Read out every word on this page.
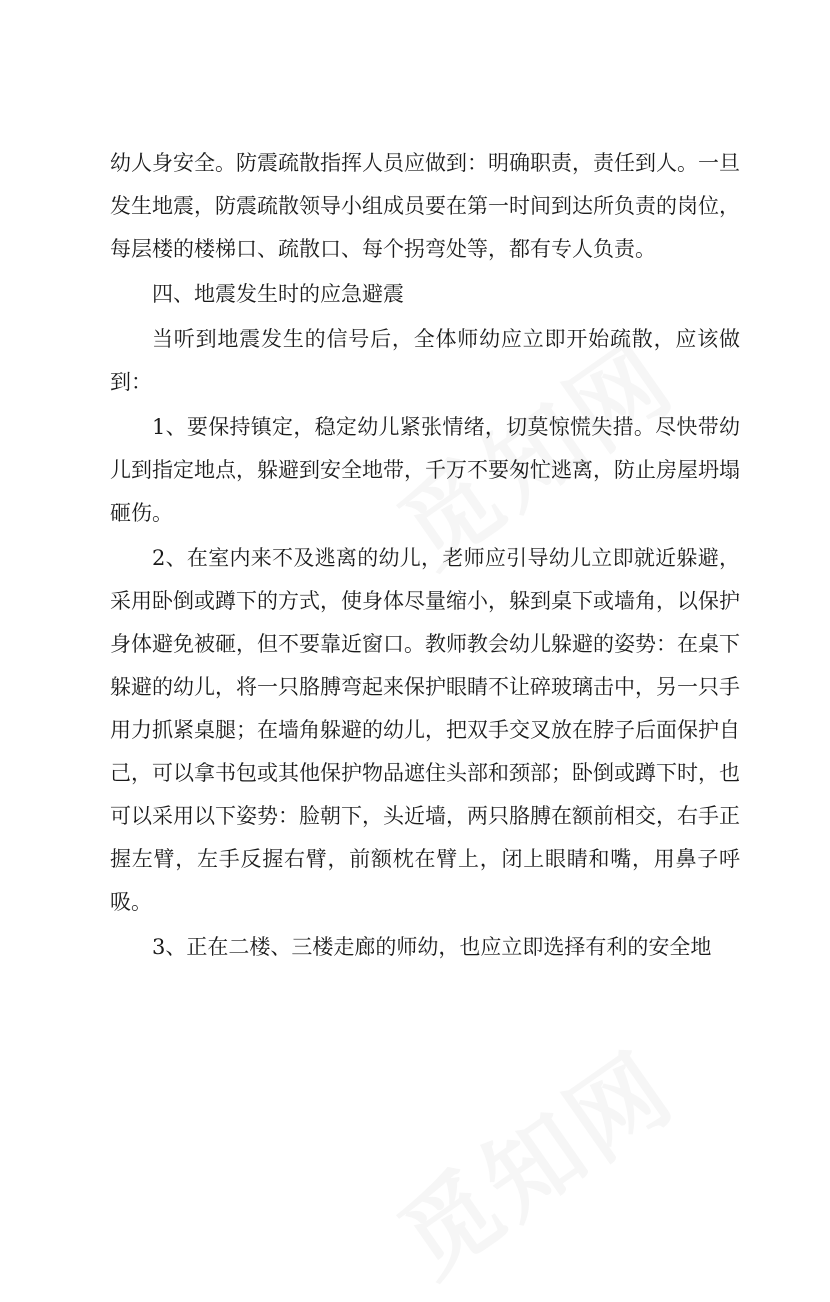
幼人身安全。防震疏散指挥人员应做到：明确职责，责任到人。一旦发生地震，防震疏散领导小组成员要在第一时间到达所负责的岗位，每层楼的楼梯口、疏散口、每个拐弯处等，都有专人负责。

四、地震发生时的应急避震

当听到地震发生的信号后，全体师幼应立即开始疏散，应该做到：

1、要保持镇定，稳定幼儿紧张情绪，切莫惊慌失措。尽快带幼儿到指定地点，躲避到安全地带，千万不要匆忙逃离，防止房屋坍塌砸伤。

2、在室内来不及逃离的幼儿，老师应引导幼儿立即就近躲避，采用卧倒或蹲下的方式，使身体尽量缩小，躲到桌下或墙角，以保护身体避免被砸，但不要靠近窗口。教师教会幼儿躲避的姿势：在桌下躲避的幼儿，将一只胳膊弯起来保护眼睛不让碎玻璃击中，另一只手用力抓紧桌腿；在墙角躲避的幼儿，把双手交叉放在脖子后面保护自己，可以拿书包或其他保护物品遮住头部和颈部；卧倒或蹲下时，也可以采用以下姿势：脸朝下，头近墙，两只胳膊在额前相交，右手正握左臂，左手反握右臂，前额枕在臂上，闭上眼睛和嘴，用鼻子呼吸。

3、正在二楼、三楼走廊的师幼，也应立即选择有利的安全地
